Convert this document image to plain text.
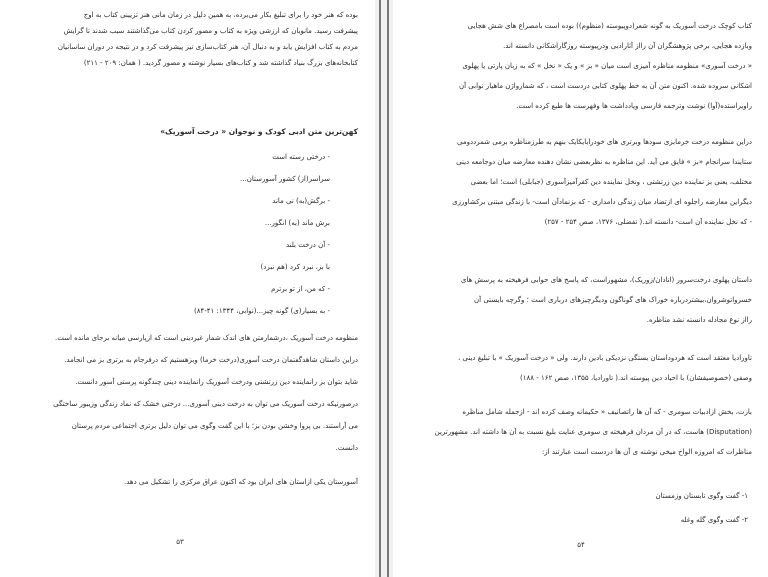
بوده که هنر خود را برای تبلیغ بکار می‌برده، به همین دلیل در زمان مانی هنر تزیینی کتاب به اوج
پیشرفت رسید. مانویان که ارزشی ویژه به کتاب و مصور کردن کتاب می‌گذاشتند سبب شدند تا گرایش
مردم به کتاب افزایش یابد و به دنبال آن، هنر کتاب‌سازی نیز پیشرفت کرد و در نتیجه در دوران ساسانیان
کتابخانه‌های بزرگ بنیاد گذاشته شد و کتاب‌های بسیار نوشته و مصور گردید. ( همان: ۲۰۹ - ۲۱۱)
کهن‌ترین متن ادبی کودک و نوجوان « درخت آسوریک»
- درختی رسته است
سراسر(از) کشور آسورستان...
- برگش(به) نی ماند
برش ماند (به) انگور...
- آن درخت بلند
با بز، نبرد کرد (هم نبرد)
- که من، از تو برترم
- به بسیار(ی) گونه چیز...(نوابی، ۱۳۴۴: ۴۱-۸۴)
منظومه درخت آسوریک ،درشمارمتن های اندک شمار غیردینی است که ازپارسی میانه برجای مانده است.
دراین داستان شاهدگفتمان درخت آسوری(درخت خرما) وبزهستیم که درفرجام به برتری بز می انجامد.
شاید بتوان بز رانماینده دین زرتشتی ودرخت آسوریک رانماینده دینی چندگونه پرستی آسور دانست.
درصورتیکه درخت آسوریک می توان به درخت دینی آسوری... درختی خشک که نماد زندگی وزیبور ساختگی
می آراستند. بی پروا وخشن بودن بز؛ با این گفت وگوی می توان دلیل برتری اجتماعی مردم پرستان
دانست.
آسورستان یکی ازاستان های ایران بود که اکنون عراق مرکزی را تشکیل می دهد.
۵۳
کتاب کوچک درخت آسوریک به گونه شعر(دوپیوسته (منظوم)) بوده است بامصراع های شش هجایی
وبازده هجایی، برخی پژوهشگران آن رااز آثارادبی ودرپیوسته روزگاراشکانی دانسته اند.
« درخت آسوری» منظومه مناظره آمیزی است میان « بز » و یک « نخل » که به زبان پارتی یا پهلوی
اشکانی سروده شده. اکنون متن آن به خط پهلوی کتابی دردست است ، که شمارواژن ماهیار نوابی آن
راویراستده(آوا) نوشت وترجمه فارسی ویادداشت ها وفهرست ها طبع کرده است.
دراین منظومه درخت خرمابزی سودها وبرتری های خودرابایکایک بنهم به طرزمناظره برمی شمرددومی
ستایندا سرانجام «بز » فایق می آید. این مناظره به نظربعضی نشان دهنده معارضه میان دوجامعه دینی
مختلف، یعنی بز نماینده دین زرتشتی ، ونخل نماینده دین کفرآمیزآسوری (جبابلی) است؛ اما بعضی
دیگراین معارضه راجلوه ای ازتضاد میان زندگی دامداری - که بزنمادآن است- با زندگی مبتنی برکشاورزی
- که نخل نماینده آن است- دانسته اند.( تفضلی، ۱۳۷۶، صص ۲۵۴ - ۲۵۷)
داستان پهلوی درخت‌سرور (انادان/زوریک)، مشهوراست، که پاسخ های حوابی فرهیخته به پرسش های
خسرواتوشروان،بیشتردرباره خوراک های گوناگون ودیگرچیزهای درباری است ؛ وگرچه بایستی آن
رااز نوع مجادله دانسته نشد مناظره.
تاورادیا معتقد است که هردوداستان بستگی نزدیکی بادین دارند. ولی « درخت آسوریک » با تبلیغ دینی ،
وصفی (خصوصیفشان) با احیاد دین پیوسته اند.( تاورادیا، ۱۳۵۵، صص ۱۶۲ - ۱۸۸)
بارت، بخش ازادبیات سومری - که آن ها راتصانیف « حکیمانه وصف کرده اند - ازجمله شامل مناظره
(Disputation) هاست، که در آن مردان فرهیخته ی سومری عنایت بلیغ نسبت به آن ها داشته اند. مشهورترین
مناظرات که امروزه الواح میخی نوشته ی آن ها دردست است عبارتند از:
۱- گفت وگوی تابستان وزمستان
۲- گفت وگوی گله وغله
۵۴
